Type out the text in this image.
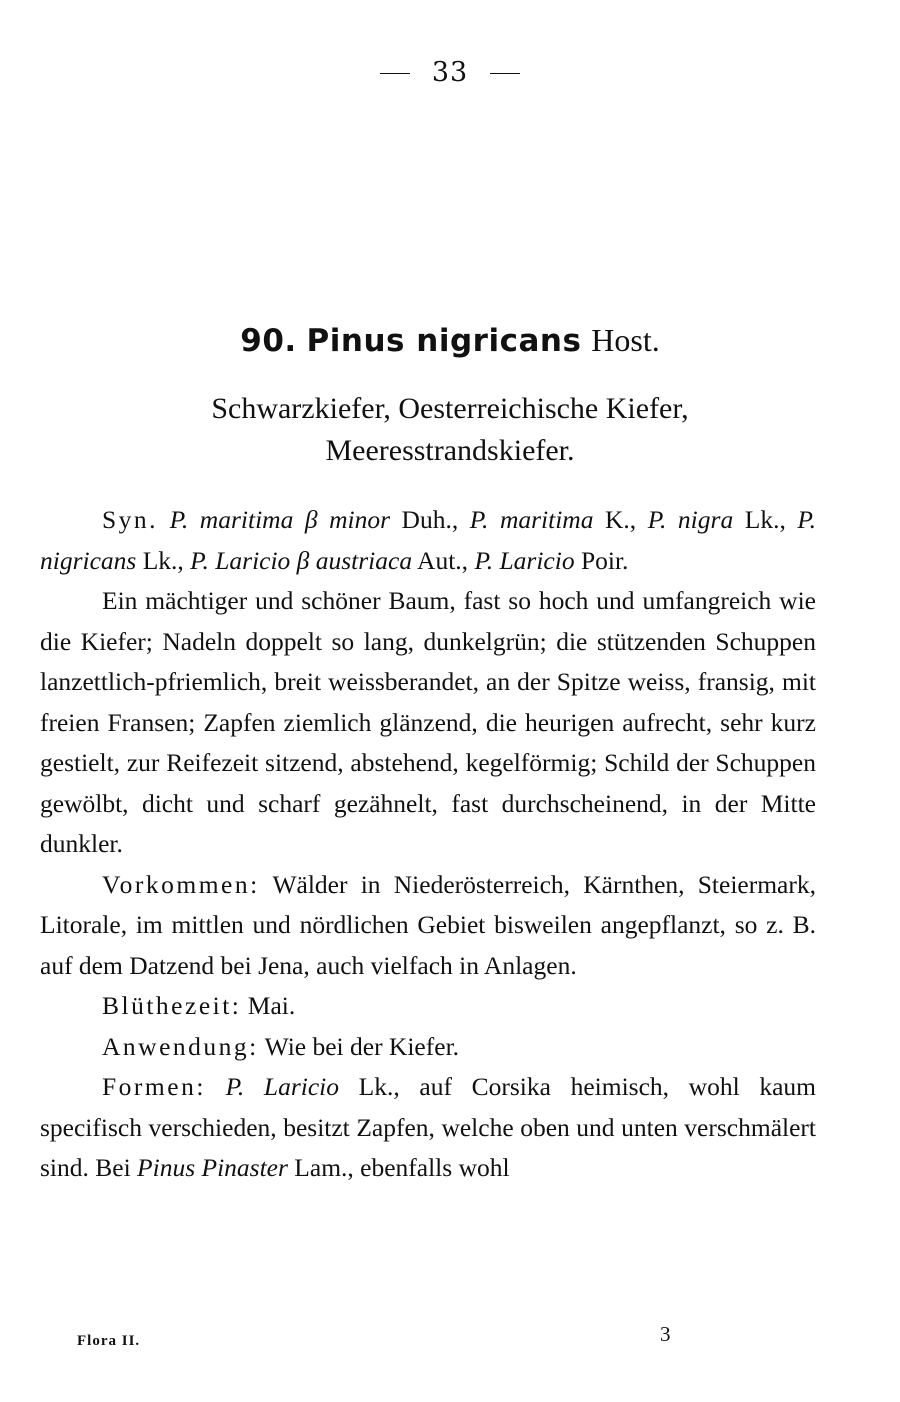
33
90. Pinus nigricans Host.
Schwarzkiefer, Oesterreichische Kiefer,
Meeresstrandskiefer.

Syn. P. maritima β minor Duh., P. maritima K., P. nigra Lk., P. nigricans Lk., P. Laricio β austriaca Aut., P. Laricio Poir.

Ein mächtiger und schöner Baum, fast so hoch und umfangreich wie die Kiefer; Nadeln doppelt so lang, dunkelgrün; die stützenden Schuppen lanzettlich-pfriemlich, breit weissberandet, an der Spitze weiss, fransig, mit freien Fransen; Zapfen ziemlich glänzend, die heurigen aufrecht, sehr kurz gestielt, zur Reifezeit sitzend, abstehend, kegelförmig; Schild der Schuppen gewölbt, dicht und scharf gezähnelt, fast durchscheinend, in der Mitte dunkler.

Vorkommen: Wälder in Niederösterreich, Kärnthen, Steiermark, Litorale, im mittlen und nördlichen Gebiet bisweilen angepflanzt, so z. B. auf dem Datzend bei Jena, auch vielfach in Anlagen.

Blüthezeit: Mai.

Anwendung: Wie bei der Kiefer.

Formen: P. Laricio Lk., auf Corsika heimisch, wohl kaum specifisch verschieden, besitzt Zapfen, welche oben und unten verschmälert sind. Bei Pinus Pinaster Lam., ebenfalls wohl

Flora II.	3
